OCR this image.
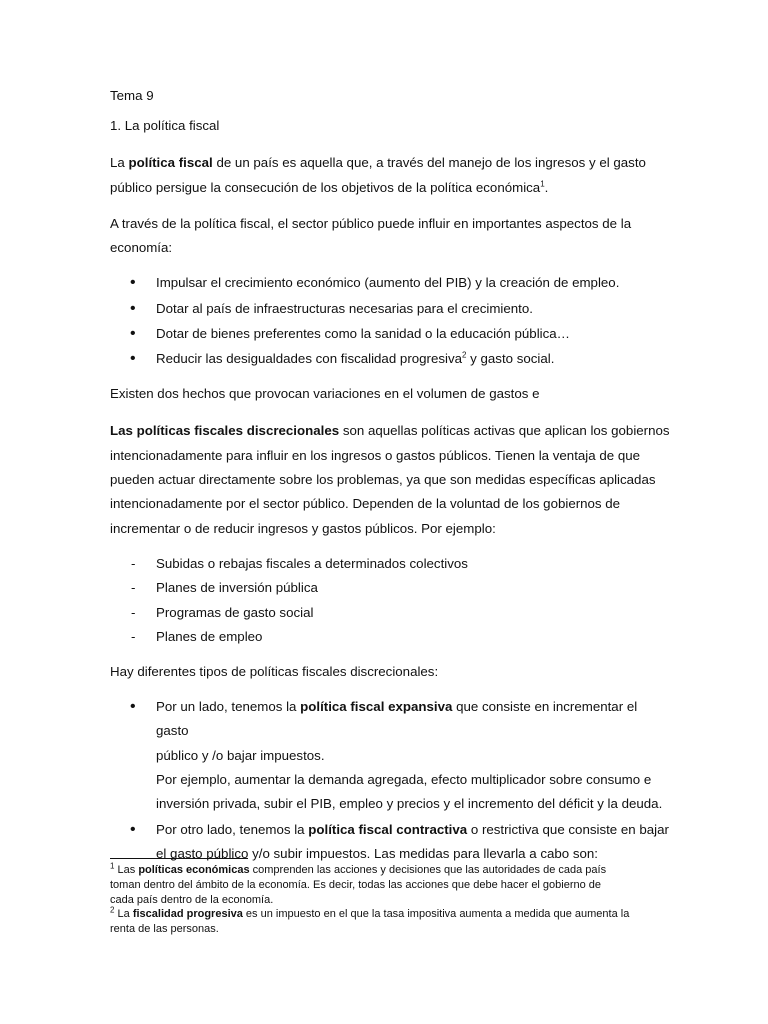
Tema 9

1. La política fiscal

La política fiscal de un país es aquella que, a través del manejo de los ingresos y el gasto
público persigue la consecución de los objetivos de la política económica$^1$.

A través de la política fiscal, el sector público puede influir en importantes aspectos de la
economía:

• Impulsar el crecimiento económico (aumento del PIB) y la creación de empleo.
• Dotar al país de infraestructuras necesarias para el crecimiento.
• Dotar de bienes preferentes como la sanidad o la educación pública…
• Reducir las desigualdades con fiscalidad progresiva$^2$ y gasto social.

Existen dos hechos que provocan variaciones en el volumen de gastos e

Las políticas fiscales discrecionales son aquellas políticas activas que aplican los gobiernos
intencionadamente para influir en los ingresos o gastos públicos. Tienen la ventaja de que
pueden actuar directamente sobre los problemas, ya que son medidas específicas aplicadas
intencionadamente por el sector público. Dependen de la voluntad de los gobiernos de
incrementar o de reducir ingresos y gastos públicos. Por ejemplo:

- Subidas o rebajas fiscales a determinados colectivos
- Planes de inversión pública
- Programas de gasto social
- Planes de empleo

Hay diferentes tipos de políticas fiscales discrecionales:

• Por un lado, tenemos la política fiscal expansiva que consiste en incrementar el gasto
público y /o bajar impuestos.
Por ejemplo, aumentar la demanda agregada, efecto multiplicador sobre consumo e
inversión privada, subir el PIB, empleo y precios y el incremento del déficit y la deuda.
• Por otro lado, tenemos la política fiscal contractiva o restrictiva que consiste en bajar
el gasto público y/o subir impuestos. Las medidas para llevarla a cabo son:

$^1$ Las políticas económicas comprenden las acciones y decisiones que las autoridades de cada país
toman dentro del ámbito de la economía. Es decir, todas las acciones que debe hacer el gobierno de
cada país dentro de la economía.

$^2$ La fiscalidad progresiva es un impuesto en el que la tasa impositiva aumenta a medida que aumenta la
renta de las personas.
